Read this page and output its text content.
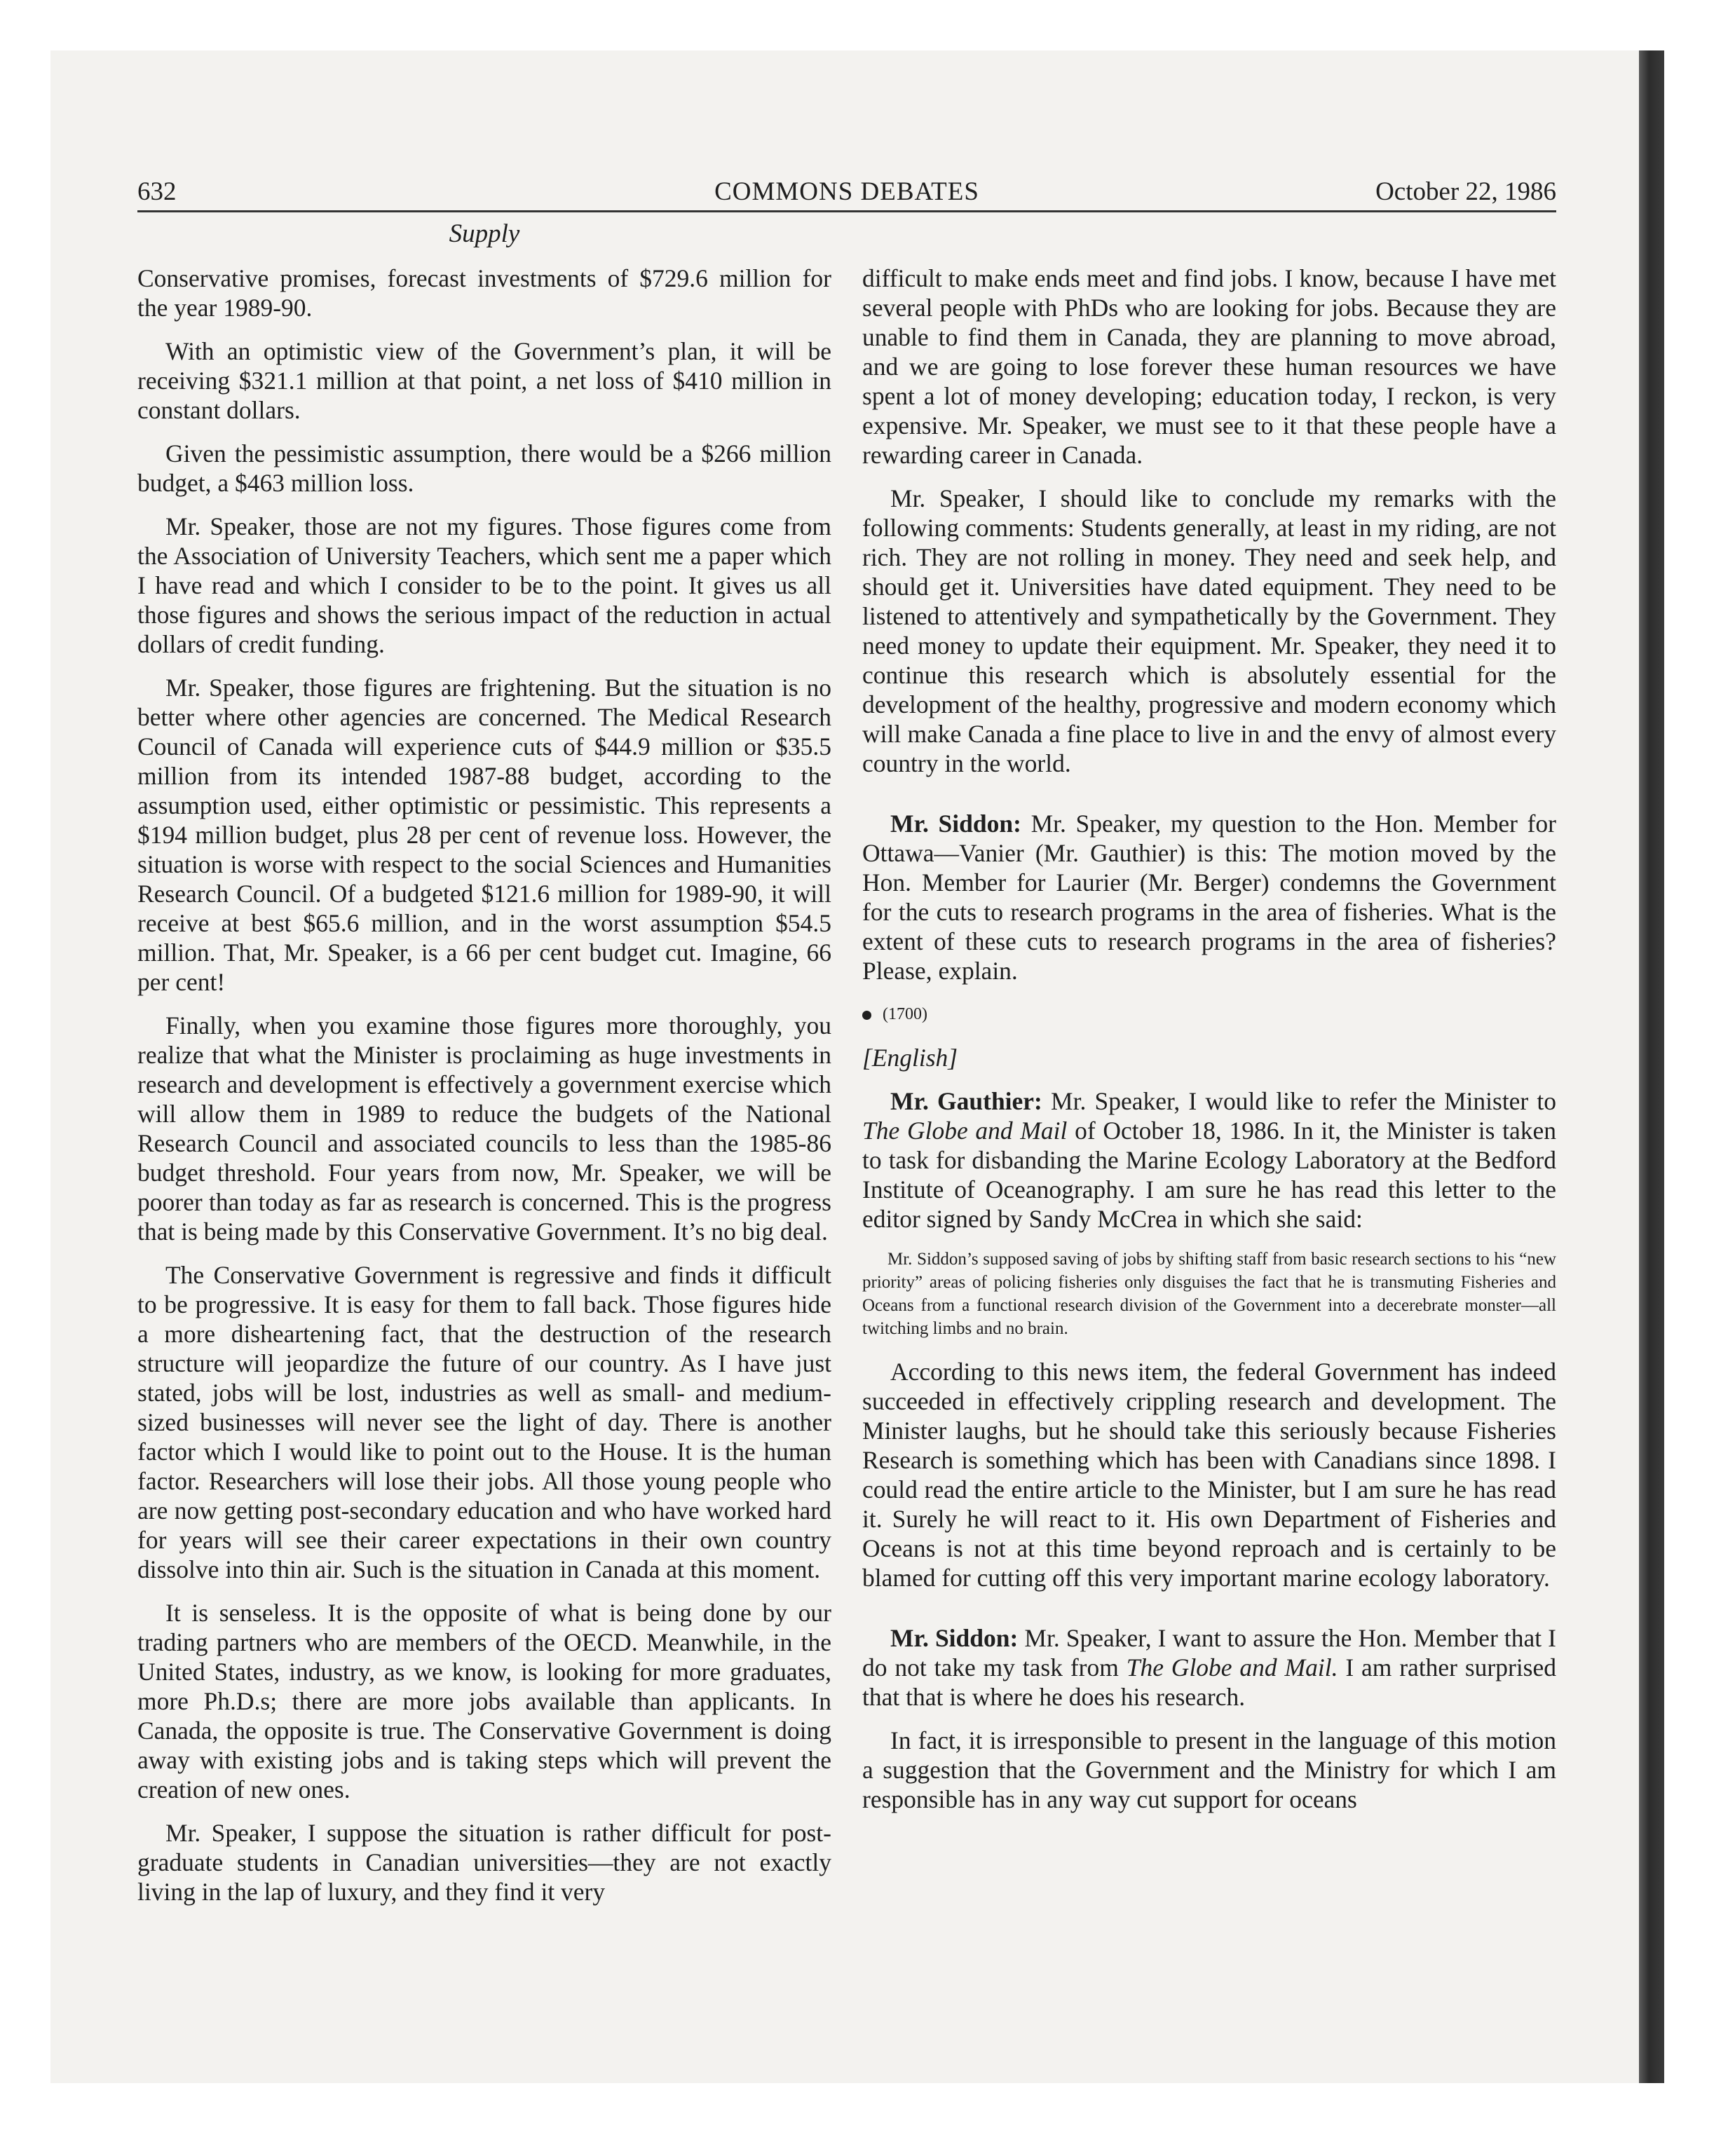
632	COMMONS DEBATES	October 22, 1986
Supply

Conservative promises, forecast investments of $729.6 million for the year 1989-90.

With an optimistic view of the Government’s plan, it will be receiving $321.1 million at that point, a net loss of $410 million in constant dollars.

Given the pessimistic assumption, there would be a $266 million budget, a $463 million loss.

Mr. Speaker, those are not my figures. Those figures come from the Association of University Teachers, which sent me a paper which I have read and which I consider to be to the point. It gives us all those figures and shows the serious impact of the reduction in actual dollars of credit funding.

Mr. Speaker, those figures are frightening. But the situation is no better where other agencies are concerned. The Medical Research Council of Canada will experience cuts of $44.9 million or $35.5 million from its intended 1987-88 budget, according to the assumption used, either optimistic or pessimistic. This represents a $194 million budget, plus 28 per cent of revenue loss. However, the situation is worse with respect to the social Sciences and Humanities Research Council. Of a budgeted $121.6 million for 1989-90, it will receive at best $65.6 million, and in the worst assumption $54.5 million. That, Mr. Speaker, is a 66 per cent budget cut. Imagine, 66 per cent!

Finally, when you examine those figures more thoroughly, you realize that what the Minister is proclaiming as huge investments in research and development is effectively a government exercise which will allow them in 1989 to reduce the budgets of the National Research Council and associated councils to less than the 1985-86 budget threshold. Four years from now, Mr. Speaker, we will be poorer than today as far as research is concerned. This is the progress that is being made by this Conservative Government. It’s no big deal.

The Conservative Government is regressive and finds it difficult to be progressive. It is easy for them to fall back. Those figures hide a more disheartening fact, that the destruction of the research structure will jeopardize the future of our country. As I have just stated, jobs will be lost, industries as well as small- and medium-sized businesses will never see the light of day. There is another factor which I would like to point out to the House. It is the human factor. Researchers will lose their jobs. All those young people who are now getting post-secondary education and who have worked hard for years will see their career expectations in their own country dissolve into thin air. Such is the situation in Canada at this moment.

It is senseless. It is the opposite of what is being done by our trading partners who are members of the OECD. Meanwhile, in the United States, industry, as we know, is looking for more graduates, more Ph.D.s; there are more jobs available than applicants. In Canada, the opposite is true. The Conservative Government is doing away with existing jobs and is taking steps which will prevent the creation of new ones.

Mr. Speaker, I suppose the situation is rather difficult for post-graduate students in Canadian universities—they are not exactly living in the lap of luxury, and they find it very

difficult to make ends meet and find jobs. I know, because I have met several people with PhDs who are looking for jobs. Because they are unable to find them in Canada, they are planning to move abroad, and we are going to lose forever these human resources we have spent a lot of money developing; education today, I reckon, is very expensive. Mr. Speaker, we must see to it that these people have a rewarding career in Canada.

Mr. Speaker, I should like to conclude my remarks with the following comments: Students generally, at least in my riding, are not rich. They are not rolling in money. They need and seek help, and should get it. Universities have dated equipment. They need to be listened to attentively and sympathetically by the Government. They need money to update their equipment. Mr. Speaker, they need it to continue this research which is absolutely essential for the development of the healthy, progressive and modern economy which will make Canada a fine place to live in and the envy of almost every country in the world.

Mr. Siddon: Mr. Speaker, my question to the Hon. Member for Ottawa—Vanier (Mr. Gauthier) is this: The motion moved by the Hon. Member for Laurier (Mr. Berger) condemns the Government for the cuts to research programs in the area of fisheries. What is the extent of these cuts to research programs in the area of fisheries? Please, explain.

(1700)
[English]

Mr. Gauthier: Mr. Speaker, I would like to refer the Minister to The Globe and Mail of October 18, 1986. In it, the Minister is taken to task for disbanding the Marine Ecology Laboratory at the Bedford Institute of Oceanography. I am sure he has read this letter to the editor signed by Sandy McCrea in which she said:

Mr. Siddon’s supposed saving of jobs by shifting staff from basic research sections to his “new priority” areas of policing fisheries only disguises the fact that he is transmuting Fisheries and Oceans from a functional research division of the Government into a decerebrate monster—all twitching limbs and no brain.

According to this news item, the federal Government has indeed succeeded in effectively crippling research and development. The Minister laughs, but he should take this seriously because Fisheries Research is something which has been with Canadians since 1898. I could read the entire article to the Minister, but I am sure he has read it. Surely he will react to it. His own Department of Fisheries and Oceans is not at this time beyond reproach and is certainly to be blamed for cutting off this very important marine ecology laboratory.

Mr. Siddon: Mr. Speaker, I want to assure the Hon. Member that I do not take my task from The Globe and Mail. I am rather surprised that that is where he does his research.

In fact, it is irresponsible to present in the language of this motion a suggestion that the Government and the Ministry for which I am responsible has in any way cut support for oceans
